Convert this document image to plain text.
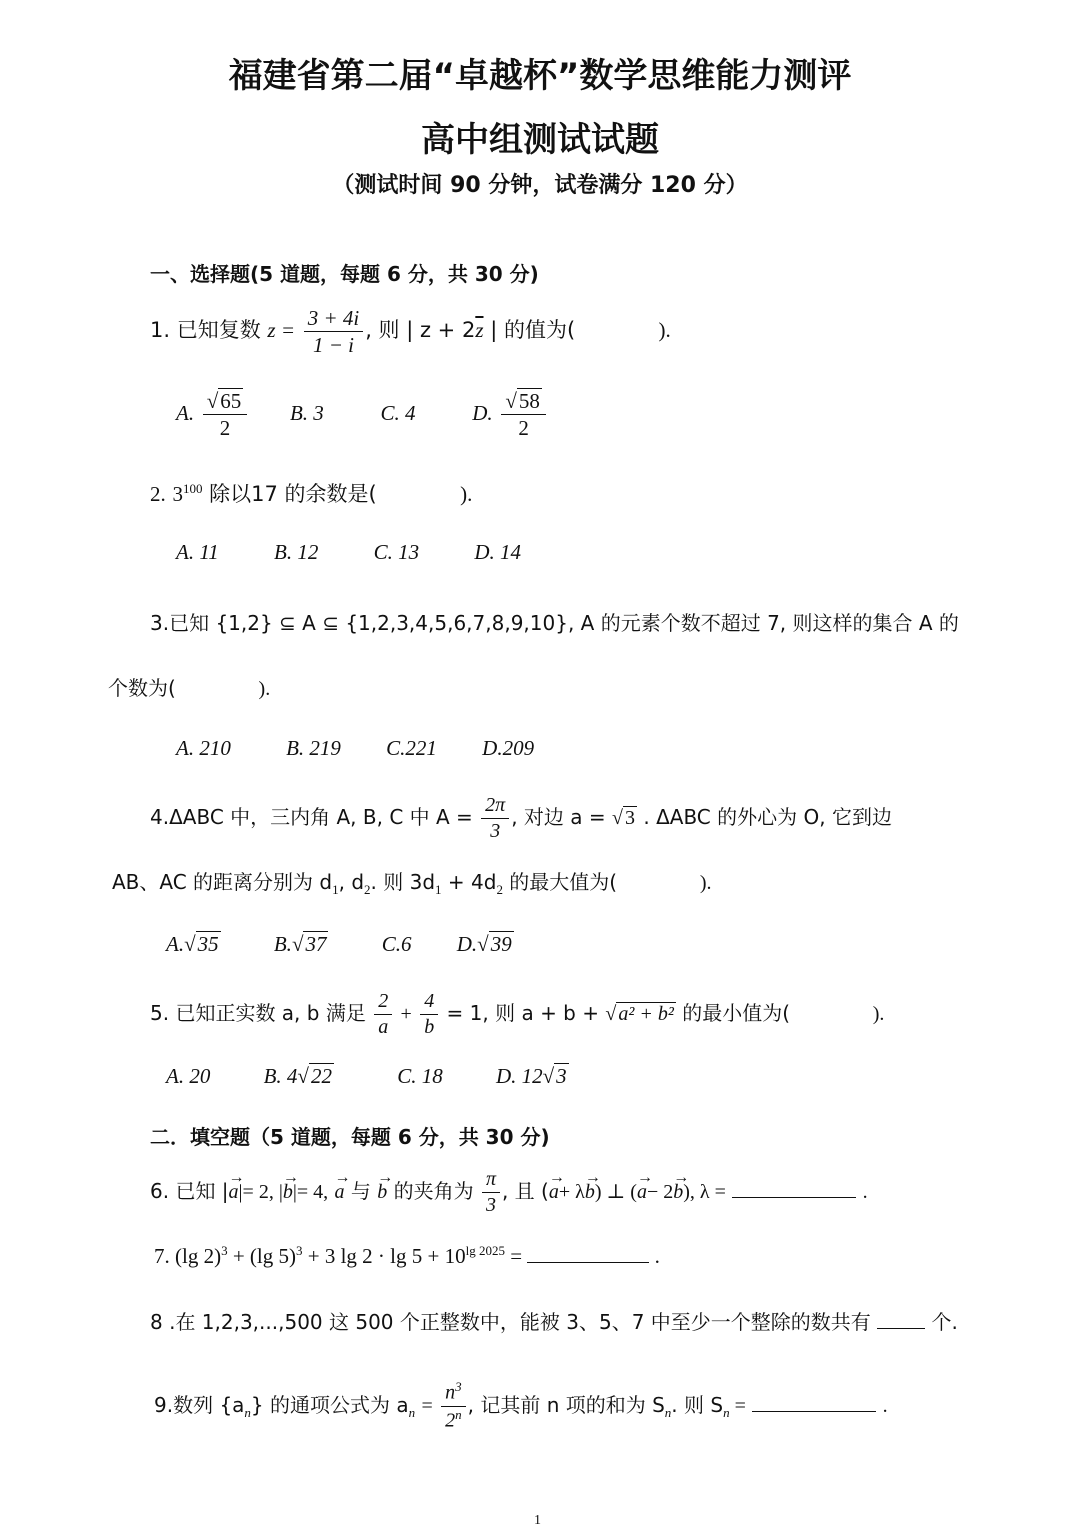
福建省第二届“卓越杯”数学思维能力测评
高中组测试试题
（测试时间 90 分钟，试卷满分 120 分）
一、选择题(5 道题，每题 6 分，共 30 分)
1. 已知复数 $z = \frac{3 + 4i}{1 - i}$ , 则 | $z + 2\overline{z}$ | 的值为(	).
A. $\frac{√65}{2} B$. 3	C. 4	D. $\frac{√58}{2}$
2. $3^{100}$ 除以17 的余数是(	).
A. 11	B. 12	C. 13	D. 14
3.已知 {1,2} ⊆ A ⊆ {1,2,3,4,5,6,7,8,9,10}, A 的元素个数不超过 7, 则这样的集合 A 的
个数为(	).
A. 210	B. 219 C.221 D.209
4.ΔABC 中，三内角 A, B, C 中 $A = \frac{2\pi}{3}$ , 对边 a = √ 3 . ΔABC 的外心为 O, 它到边
AB、AC 的距离分别为 $d_1$, $d_2$. 则 $3d_1 + 4d_2$ 的最大值为(	).
A.√35	B.√37	C.6 D.√39
5. 已知正实数 a, b 满足 $\frac{2}{a} + \frac{4}{b} = 1$, 则 a + b + √ a² + b² 的最小值为(	).
A. 20	B. 4√22	C. 18	D. 12√3
二．填空题（5 道题，每题 6 分，共 30 分)
6. 已知 |→ a|= 2, |→ b|= 4, → a 与 → b 的夹角为 $\frac{\pi}{3}$ , 且 (→ a+ λ→ b) ⊥ (→ a− 2→ b), λ =	.
7. (lg 2)$^3$ + (lg 5)$^3$ + 3 $\lg 2 \cdot \lg 5 + 10^{lg 2025}$ =	.
8 .在 1,2,3,...,500 这 500 个正整数中，能被 3、5、7 中至少一个整除的数共有	个.
9.数列 $\{a_n\}$ 的通项公式为 $a_n = \frac{n^3}{2^n}$ , 记其前 n 项的和为 $S_n$. 则 $S_n$ =	.
1
